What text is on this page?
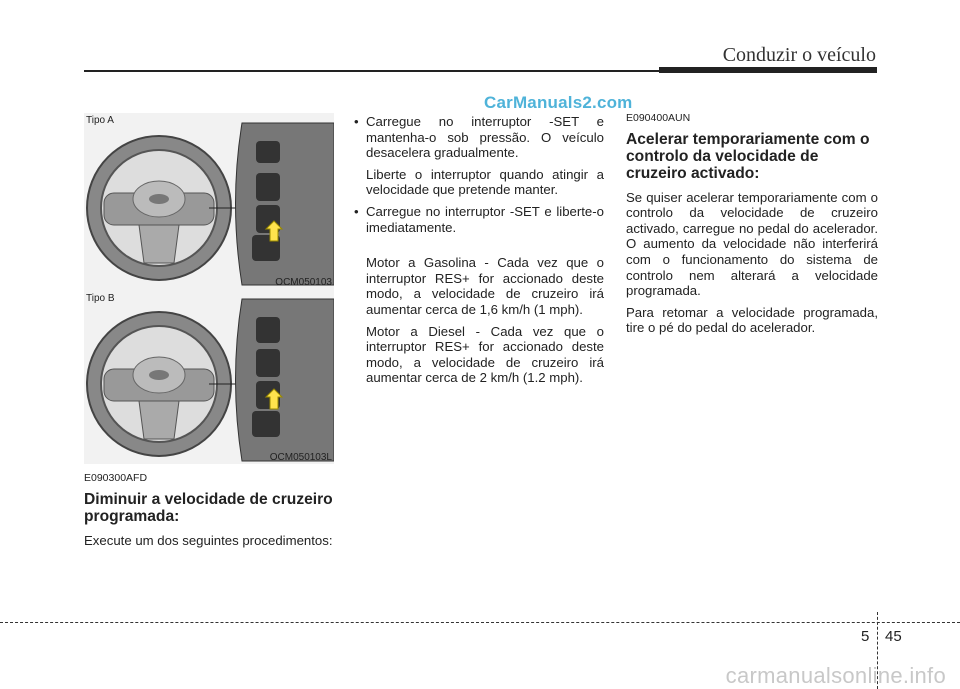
Conduzir o veículo
CarManuals2.com
Tipo A
OCM050103
Tipo B
OCM050103L
E090300AFD
Diminuir a velocidade de cruzeiro programada:

Execute um dos seguintes procedimentos:

• Carregue no interruptor -SET e mantenha-o sob pressão. O veículo desacelera gradualmente.

Liberte o interruptor quando atingir a velocidade que pretende manter.

• Carregue no interruptor -SET e liberte-o imediatamente.

Motor a Gasolina - Cada vez que o interruptor RES+ for accionado deste modo, a velocidade de cruzeiro irá aumentar cerca de 1,6 km/h (1 mph).

Motor a Diesel - Cada vez que o interruptor RES+ for accionado deste modo, a velocidade de cruzeiro irá aumentar cerca de 2 km/h (1.2 mph).

E090400AUN
Acelerar temporariamente com o controlo da velocidade de cruzeiro activado:

Se quiser acelerar temporariamente com o controlo da velocidade de cruzeiro activado, carregue no pedal do acelerador. O aumento da velocidade não interferirá com o funcionamento do sistema de controlo nem alterará a velocidade programada.

Para retomar a velocidade programada, tire o pé do pedal do acelerador.

5 45
carmanualsonline.info
